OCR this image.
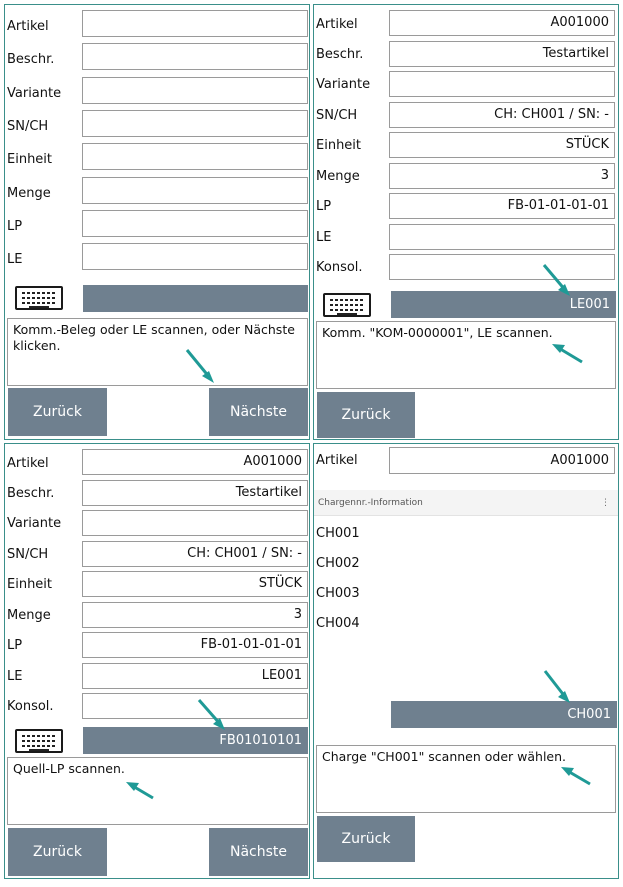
Artikel
Beschr.
Variante
SN/CH
Einheit
Menge
LP
LE
Komm.-Beleg oder LE scannen, oder Nächste klicken.
Zurück	Nächste
Artikel	A001000
Beschr.	Testartikel
Variante
SN/CH	CH: CH001 / SN: -
Einheit	STÜCK
Menge	3
LP	FB-01-01-01-01
LE
Konsol.
LE001
Komm. "KOM-0000001", LE scannen.
Zurück
Artikel	A001000
Beschr.	Testartikel
Variante
SN/CH	CH: CH001 / SN: -
Einheit	STÜCK
Menge	3
LP	FB-01-01-01-01
LE	LE001
Konsol.
FB01010101
Quell-LP scannen.
Zurück	Nächste
Artikel	A001000
Chargennr.-Information	⋮
CH001
CH002
CH003
CH004
CH001
Charge "CH001" scannen oder wählen.
Zurück
